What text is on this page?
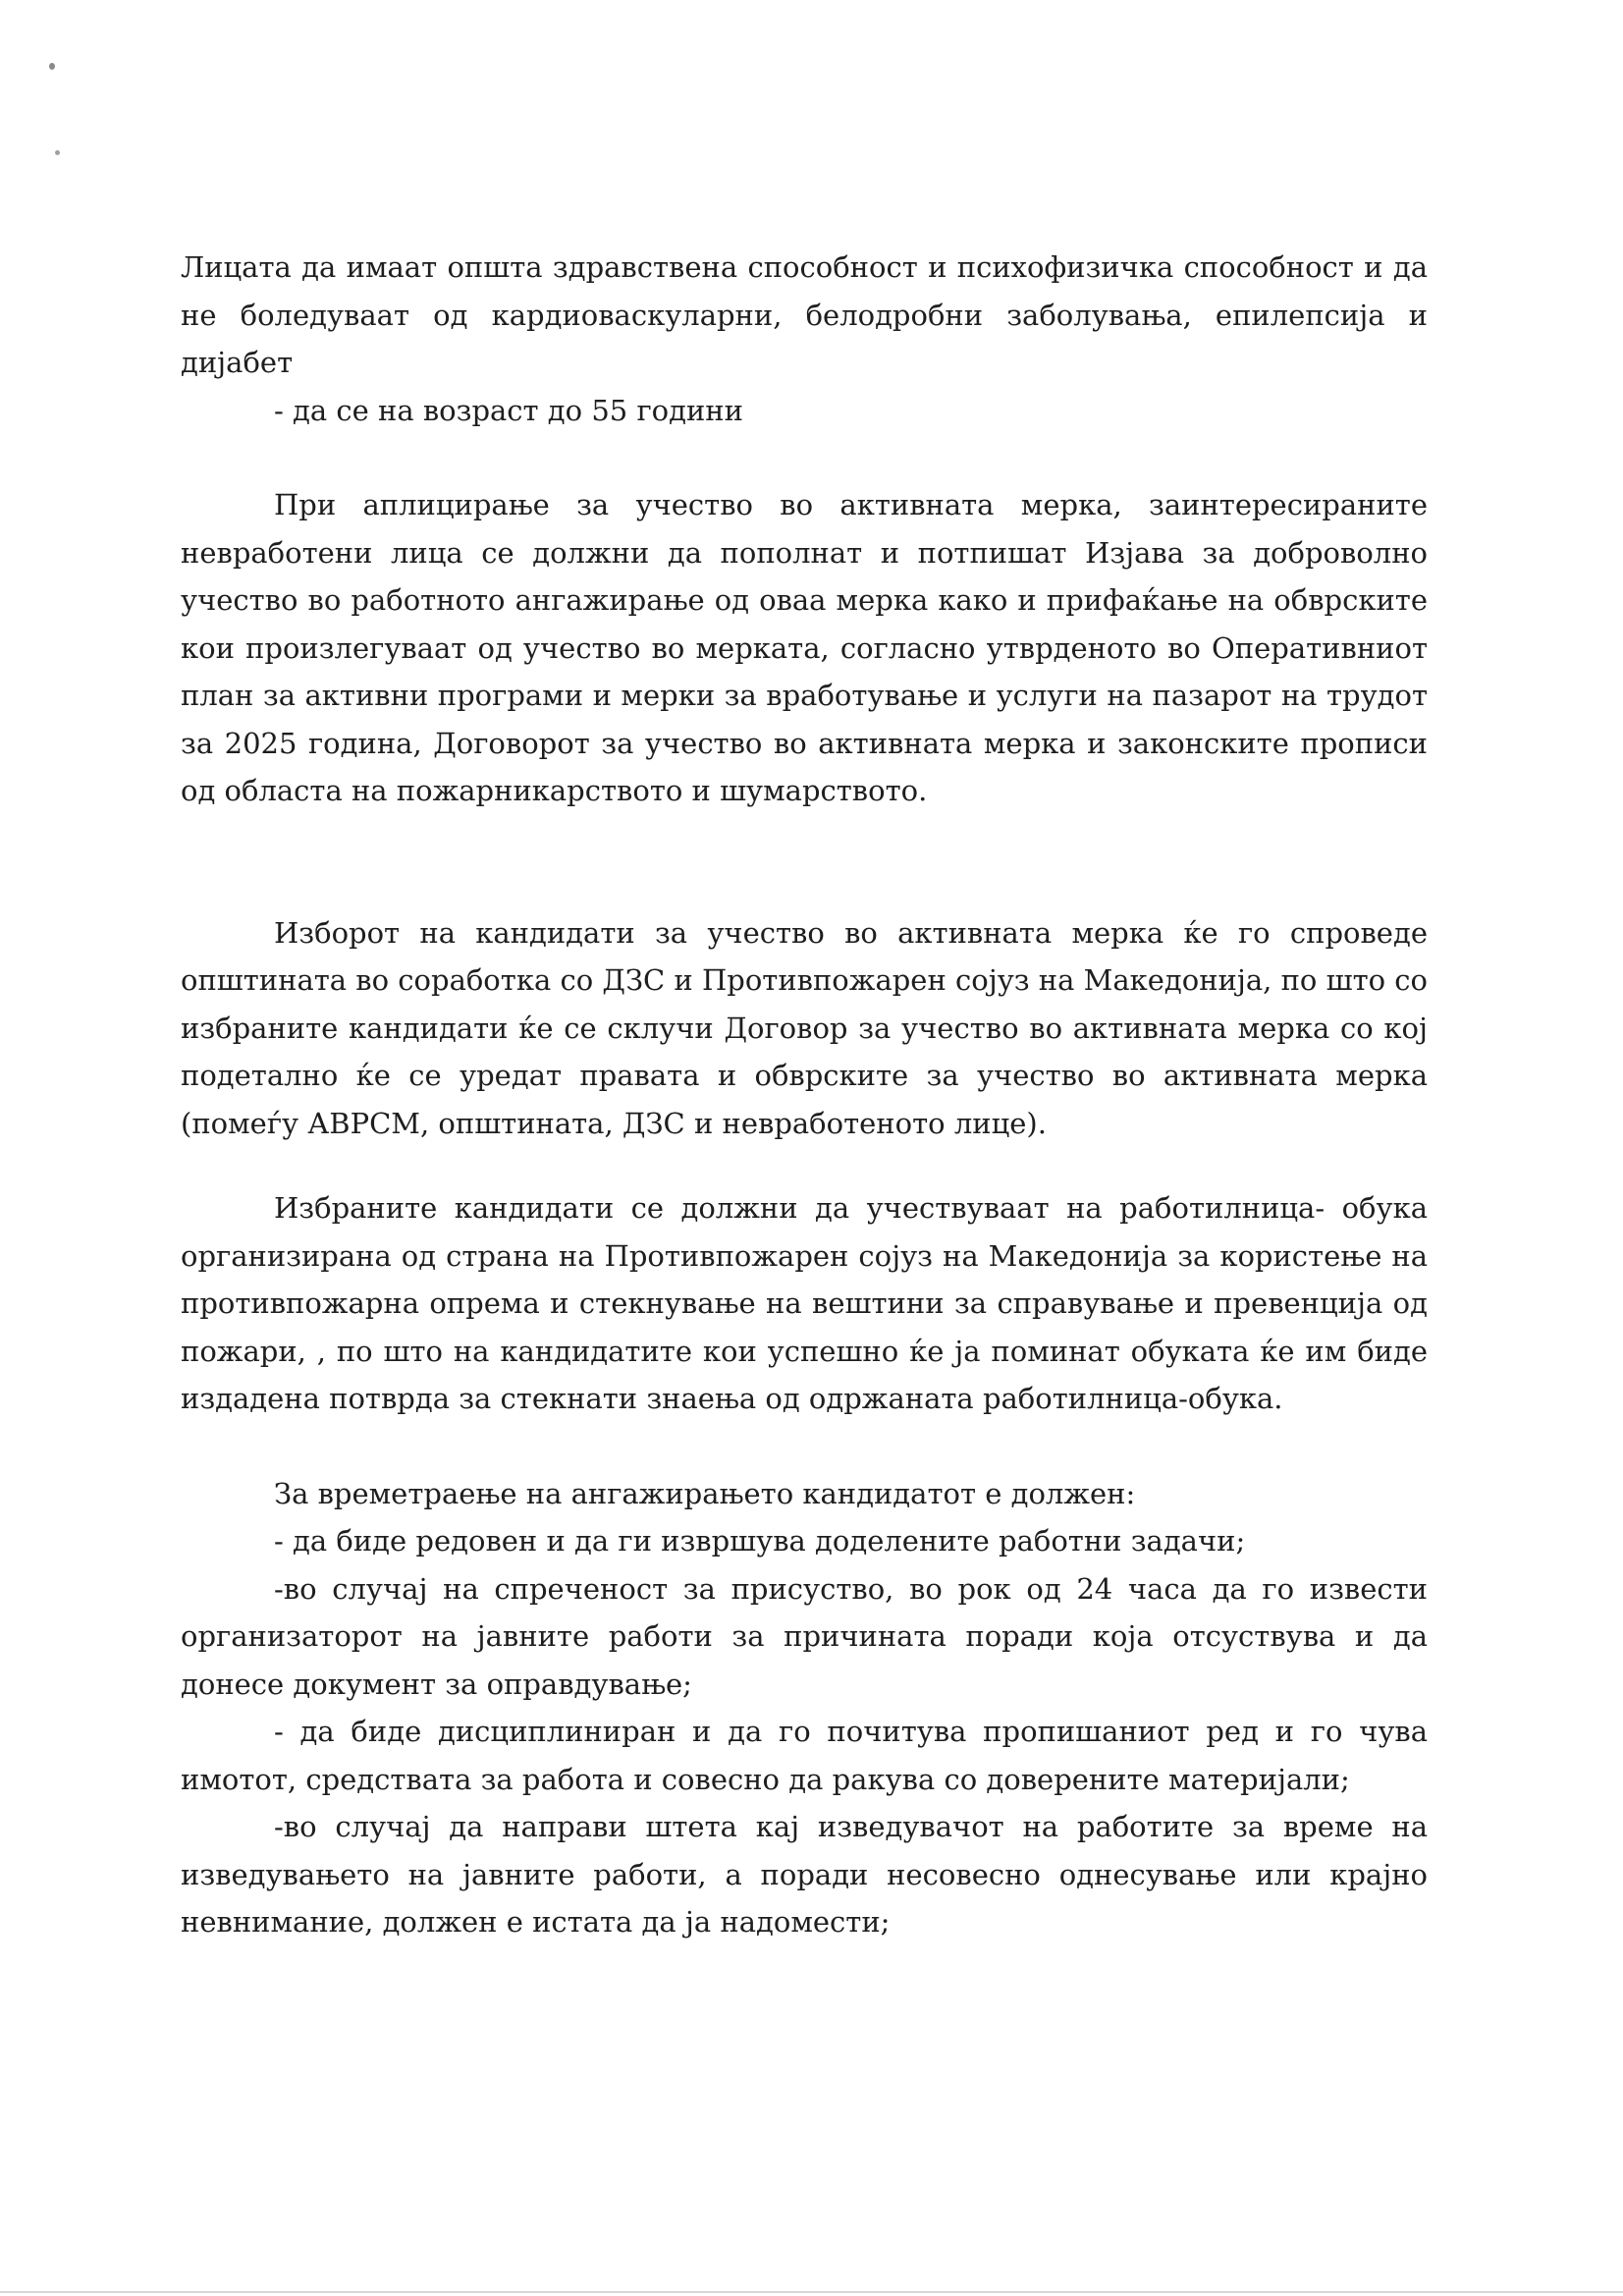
Лицата да имаат општа здравствена способност и психофизичка способност и да не боледуваат од кардиоваскуларни, белодробни заболувања, епилепсија и дијабет

- да се на возраст до 55 години

При аплицирање за учество во активната мерка, заинтересираните невработени лица се должни да пополнат и потпишат Изјава за доброволно учество во работното ангажирање од оваа мерка како и прифаќање на обврските кои произлегуваат од учество во мерката, согласно утврденото во Оперативниот план за активни програми и мерки за вработување и услуги на пазарот на трудот за 2025 година, Договорот за учество во активната мерка и законските прописи од областа на пожарникарството и шумарството.

Изборот на кандидати за учество во активната мерка ќе го спроведе општината во соработка со ДЗС и Противпожарен сојуз на Македонија, по што со избраните кандидати ќе се склучи Договор за учество во активната мерка со кој подетално ќе се уредат правата и обврските за учество во активната мерка (помеѓу АВРСМ, општината, ДЗС и невработеното лице).

Избраните кандидати се должни да учествуваат на работилница- обука организирана од страна на Противпожарен сојуз на Македонија за користење на противпожарна опрема и стекнување на вештини за справување и превенција од пожари, , по што на кандидатите кои успешно ќе ја поминат обуката ќе им биде издадена потврда за стекнати знаења од одржаната работилница-обука.

За времетраење на ангажирањето кандидатот е должен:

- да биде редовен и да ги извршува доделените работни задачи;

-во случај на спреченост за присуство, во рок од 24 часа да го извести организаторот на јавните работи за причината поради која отсуствува и да донесе документ за оправдување;

- да биде дисциплиниран и да го почитува пропишаниот ред и го чува имотот, средствата за работа и совесно да ракува со доверените материјали;

-во случај да направи штета кај изведувачот на работите за време на изведувањето на јавните работи, а поради несовесно однесување или крајно невнимание, должен е истата да ја надомести;
